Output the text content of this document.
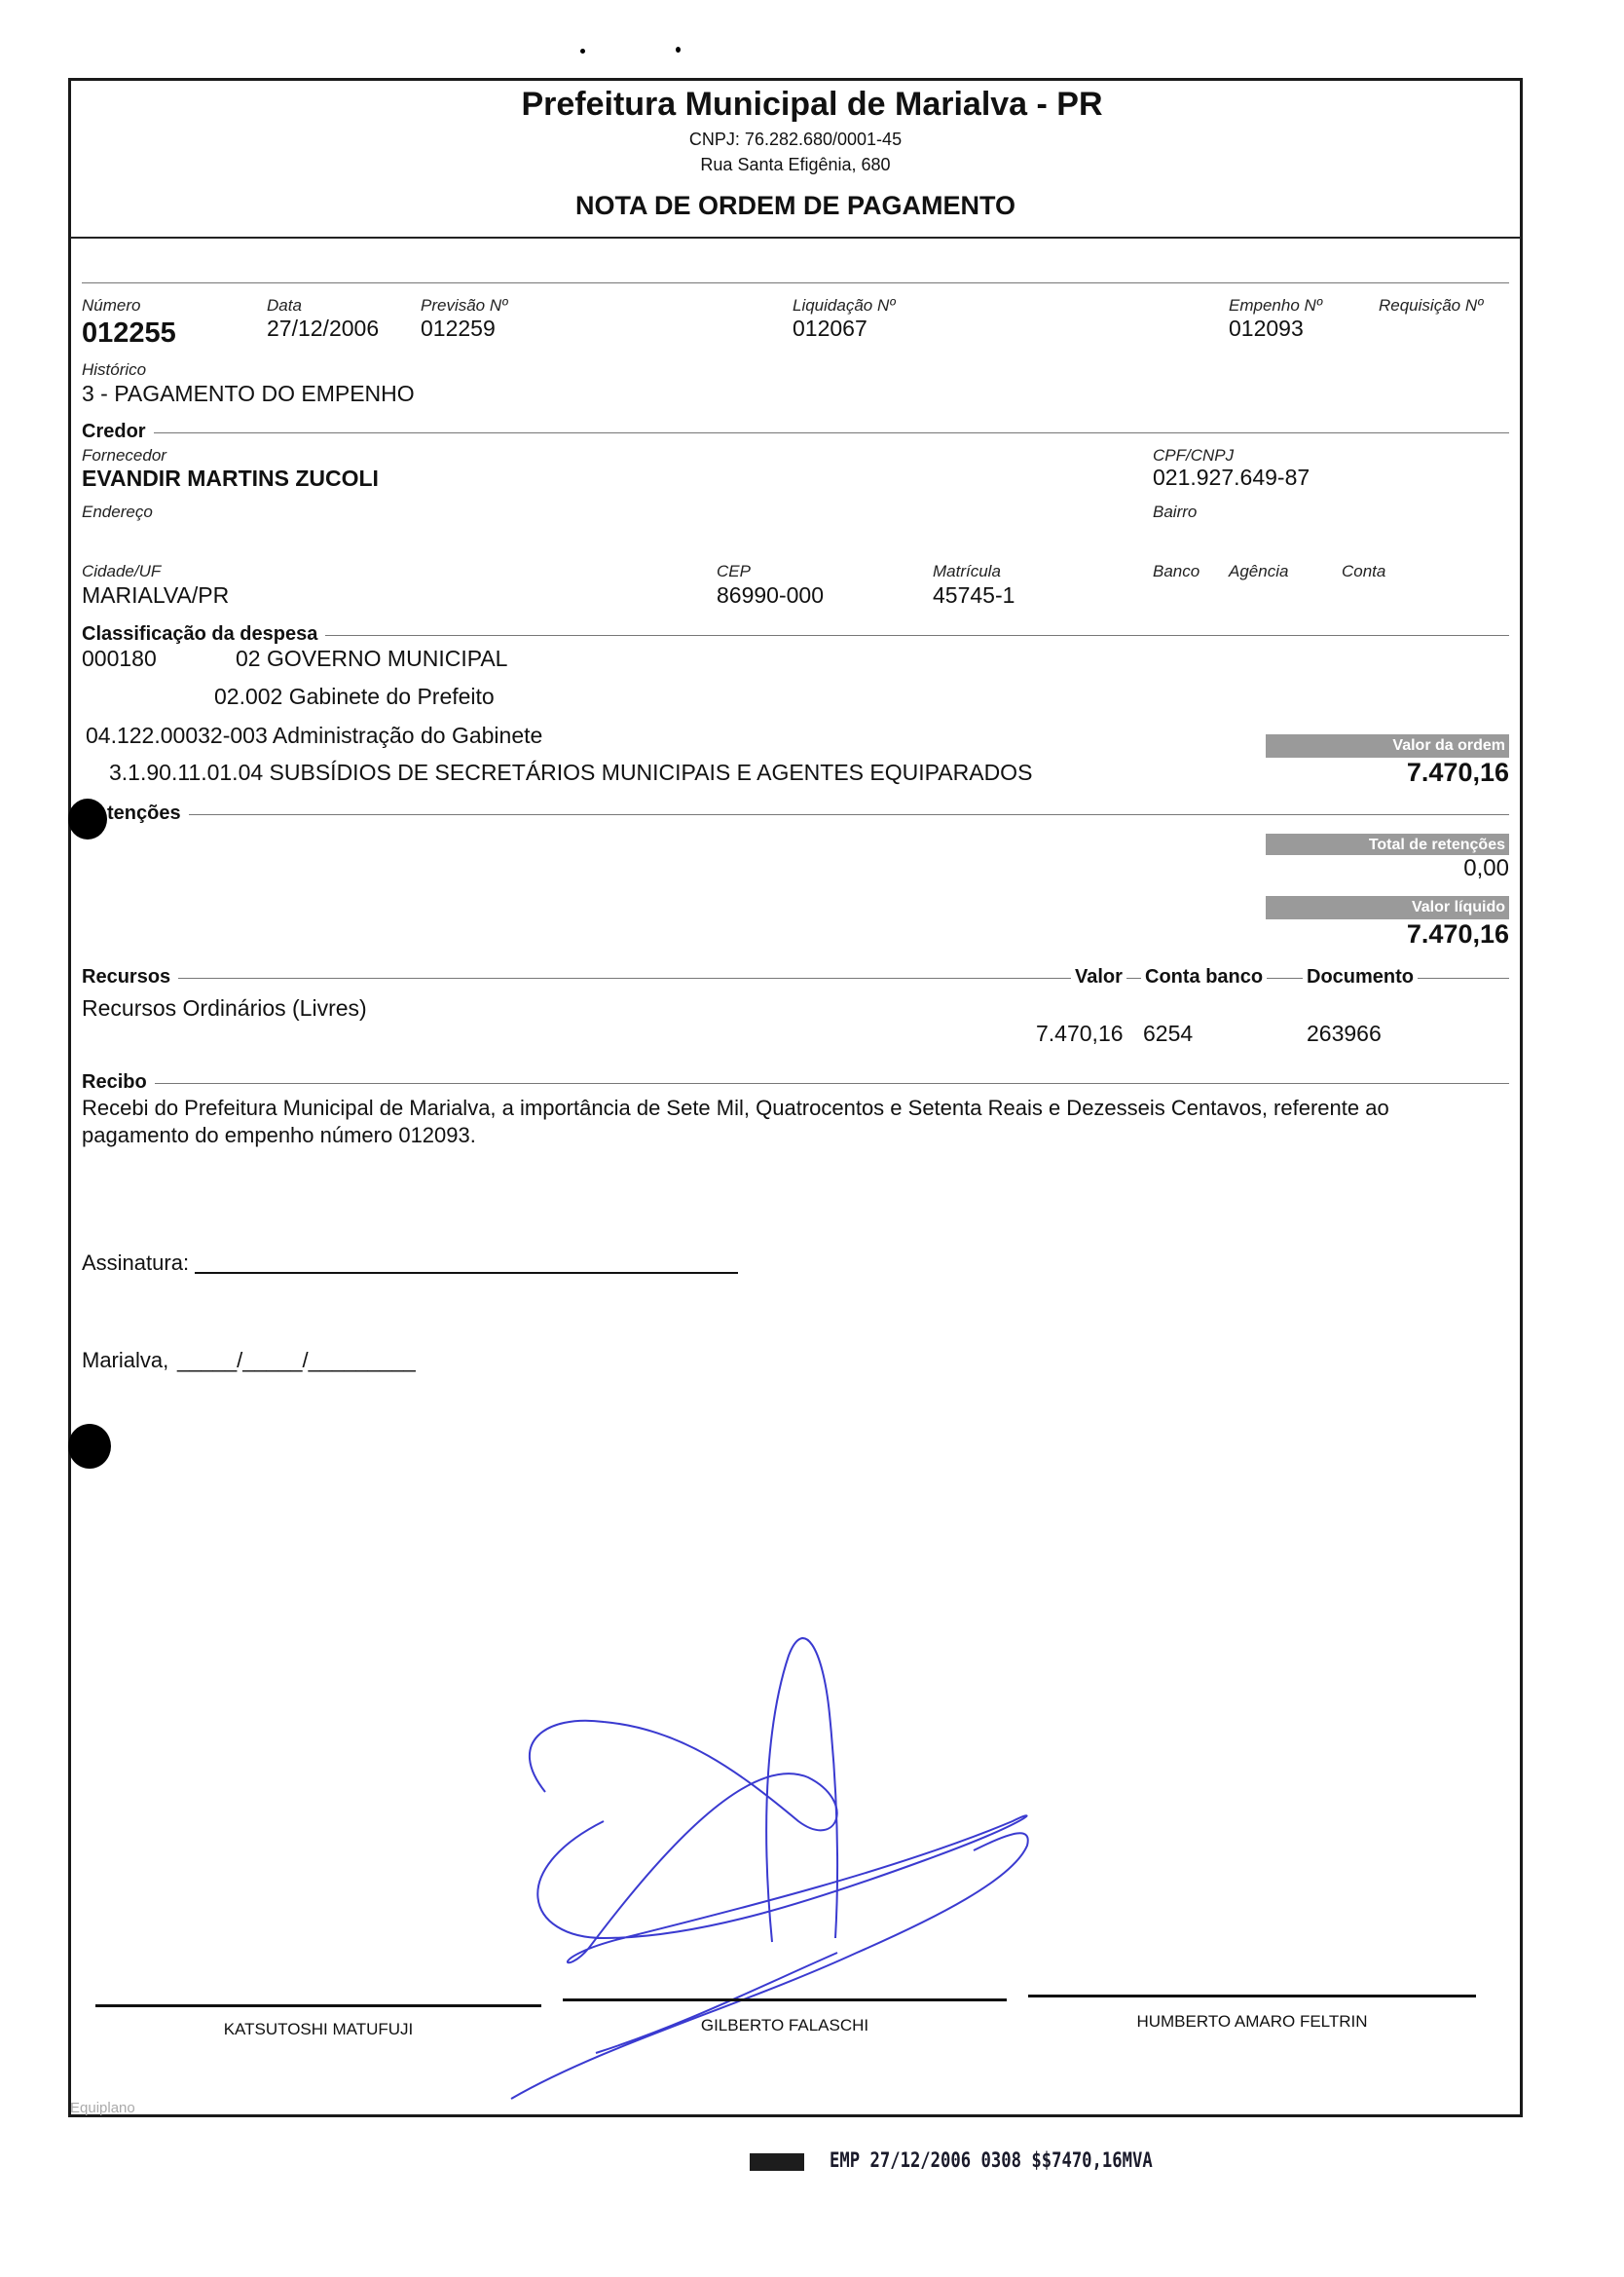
Prefeitura Municipal de Marialva - PR
CNPJ: 76.282.680/0001-45
Rua Santa Efigênia, 680
NOTA DE ORDEM DE PAGAMENTO
Número
012255
Data
27/12/2006
Previsão Nº
012259
Liquidação Nº
012067
Empenho Nº
012093
Requisição Nº
Histórico
3 - PAGAMENTO DO EMPENHO
Credor
Fornecedor
EVANDIR MARTINS ZUCOLI
CPF/CNPJ
021.927.649-87
Endereço	Bairro
Cidade/UF
MARIALVA/PR
CEP
86990-000
Matrícula
45745-1
Banco Agência	Conta
Classificação da despesa
000180	02 GOVERNO MUNICIPAL
02.002 Gabinete do Prefeito
04.122.00032-003 Administração do Gabinete
3.1.90.11.01.04 SUBSÍDIOS DE SECRETÁRIOS MUNICIPAIS E AGENTES EQUIPARADOS
Valor da ordem
7.470,16
tenções
Total de retenções
0,00
Valor líquido
7.470,16
Recursos	Valor Conta banco Documento
Recursos Ordinários (Livres)
7.470,16 6254	263966
Recibo
Recebi do Prefeitura Municipal de Marialva, a importância de Sete Mil, Quatrocentos e Setenta Reais e Dezesseis Centavos, referente ao
pagamento do empenho número 012093.
Assinatura:
Marialva, _____/_____/_________
KATSUTOSHI MATUFUJI	GILBERTO FALASCHI	HUMBERTO AMARO FELTRIN
Equiplano
EMP 27/12/2006 0308 $$7470,16MVA
